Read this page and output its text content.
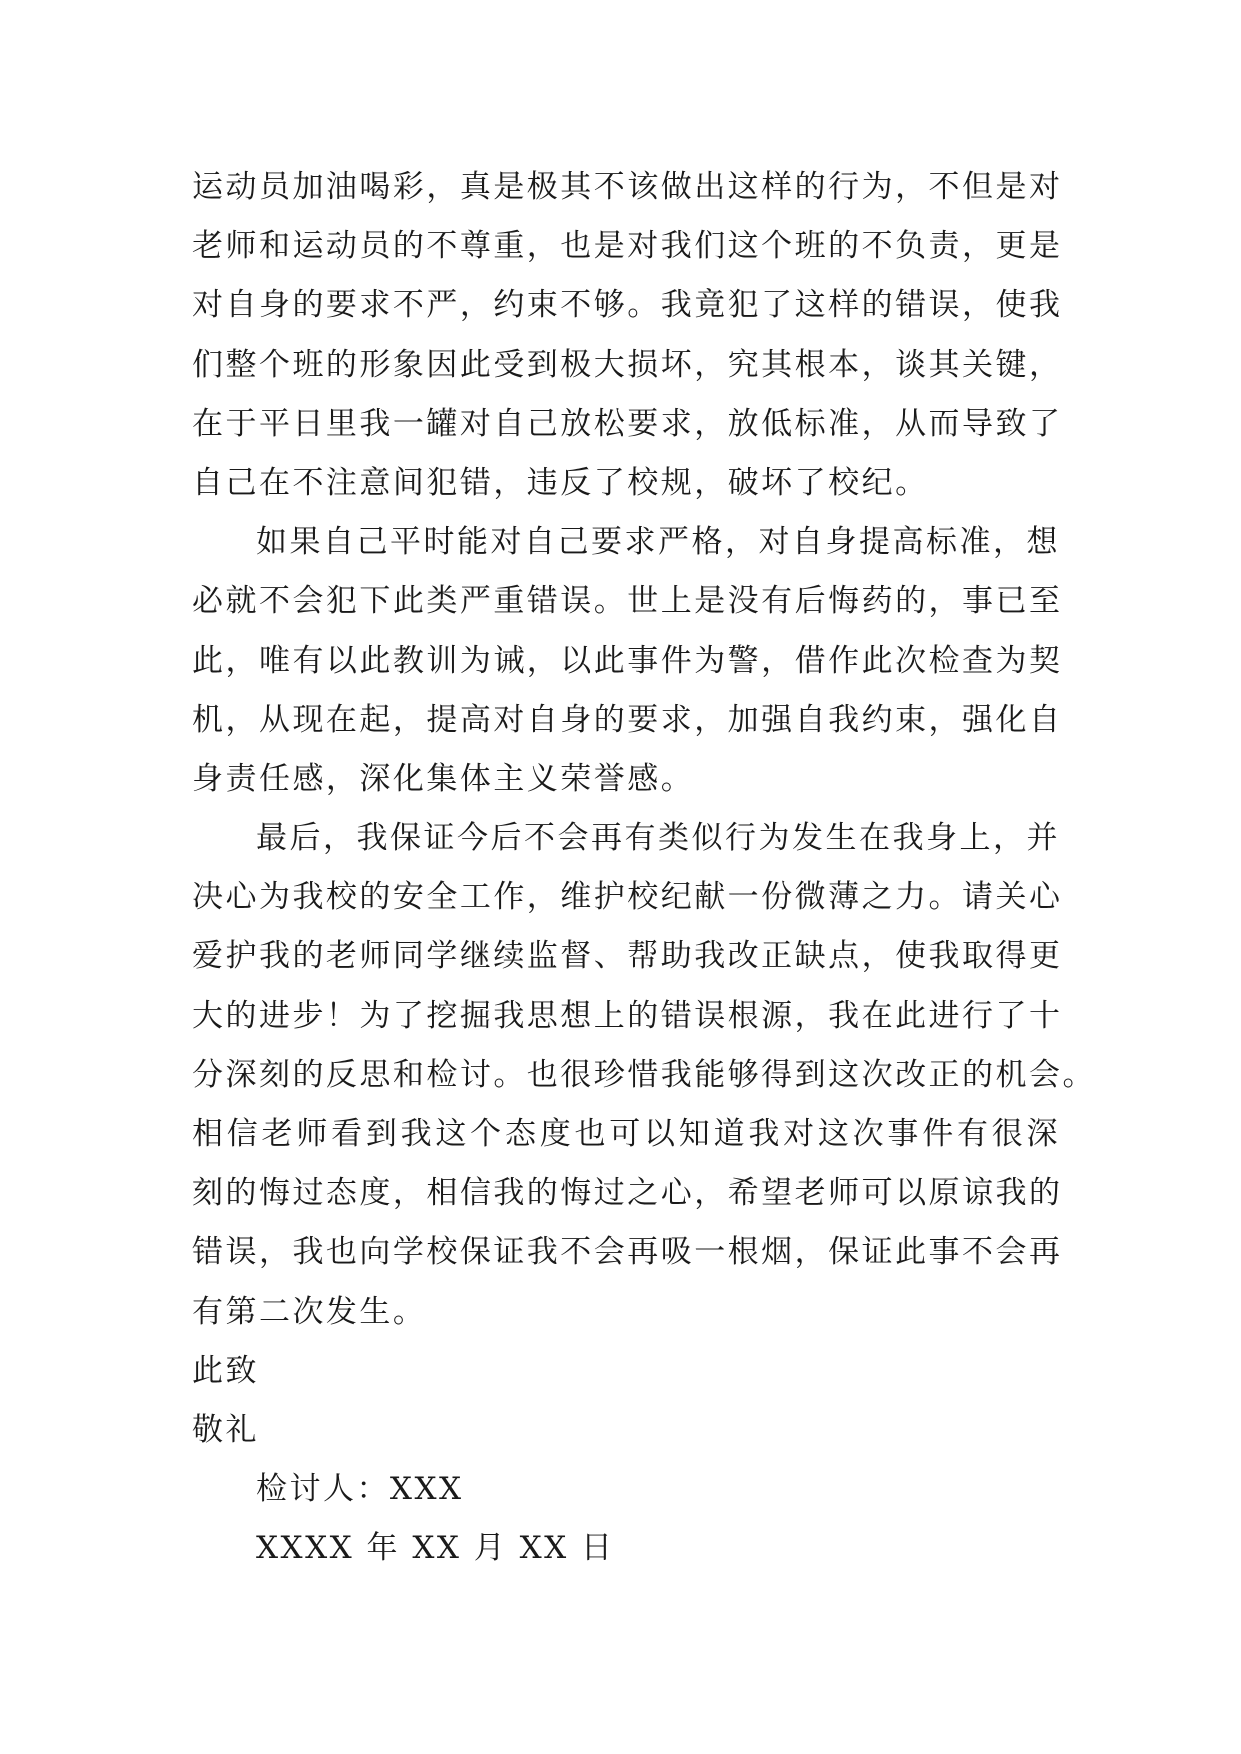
运动员加油喝彩，真是极其不该做出这样的行为，不但是对
老师和运动员的不尊重，也是对我们这个班的不负责，更是
对自身的要求不严，约束不够。我竟犯了这样的错误，使我
们整个班的形象因此受到极大损坏，究其根本，谈其关键，
在于平日里我一罐对自己放松要求，放低标准，从而导致了
自己在不注意间犯错，违反了校规，破坏了校纪。
如果自己平时能对自己要求严格，对自身提高标准，想
必就不会犯下此类严重错误。世上是没有后悔药的，事已至
此，唯有以此教训为诫，以此事件为警，借作此次检查为契
机，从现在起，提高对自身的要求，加强自我约束，强化自
身责任感，深化集体主义荣誉感。
最后，我保证今后不会再有类似行为发生在我身上，并
决心为我校的安全工作，维护校纪献一份微薄之力。请关心
爱护我的老师同学继续监督、帮助我改正缺点，使我取得更
大的进步！为了挖掘我思想上的错误根源，我在此进行了十
分深刻的反思和检讨。也很珍惜我能够得到这次改正的机会。
相信老师看到我这个态度也可以知道我对这次事件有很深
刻的悔过态度，相信我的悔过之心，希望老师可以原谅我的
错误，我也向学校保证我不会再吸一根烟，保证此事不会再
有第二次发生。
此致
敬礼
检讨人：XXX
XXXX 年 XX 月 XX 日
